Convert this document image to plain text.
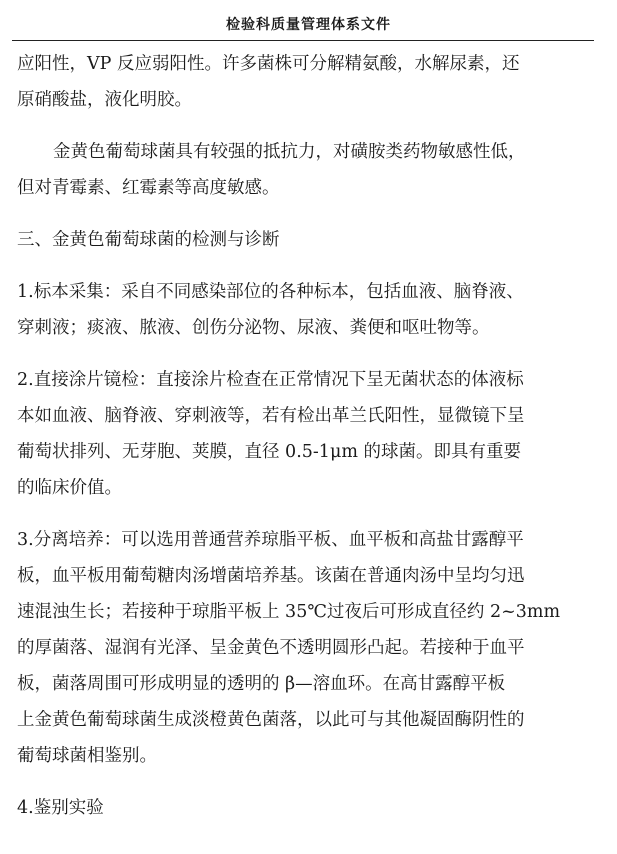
检验科质量管理体系文件
应阳性，VP 反应弱阳性。许多菌株可分解精氨酸，水解尿素，还
原硝酸盐，液化明胶。
金黄色葡萄球菌具有较强的抵抗力，对磺胺类药物敏感性低，
但对青霉素、红霉素等高度敏感。
三、金黄色葡萄球菌的检测与诊断
1.标本采集：采自不同感染部位的各种标本，包括血液、脑脊液、
穿刺液；痰液、脓液、创伤分泌物、尿液、粪便和呕吐物等。
2.直接涂片镜检：直接涂片检查在正常情况下呈无菌状态的体液标
本如血液、脑脊液、穿刺液等，若有检出革兰氏阳性，显微镜下呈
葡萄状排列、无芽胞、荚膜，直径 0.5-1μm 的球菌。即具有重要
的临床价值。
3.分离培养：可以选用普通营养琼脂平板、血平板和高盐甘露醇平
板，血平板用葡萄糖肉汤增菌培养基。该菌在普通肉汤中呈均匀迅
速混浊生长；若接种于琼脂平板上 35℃过夜后可形成直径约 2~3mm
的厚菌落、湿润有光泽、呈金黄色不透明圆形凸起。若接种于血平
板，菌落周围可形成明显的透明的 β—溶血环。在高甘露醇平板
上金黄色葡萄球菌生成淡橙黄色菌落，以此可与其他凝固酶阴性的
葡萄球菌相鉴别。
4.鉴别实验
